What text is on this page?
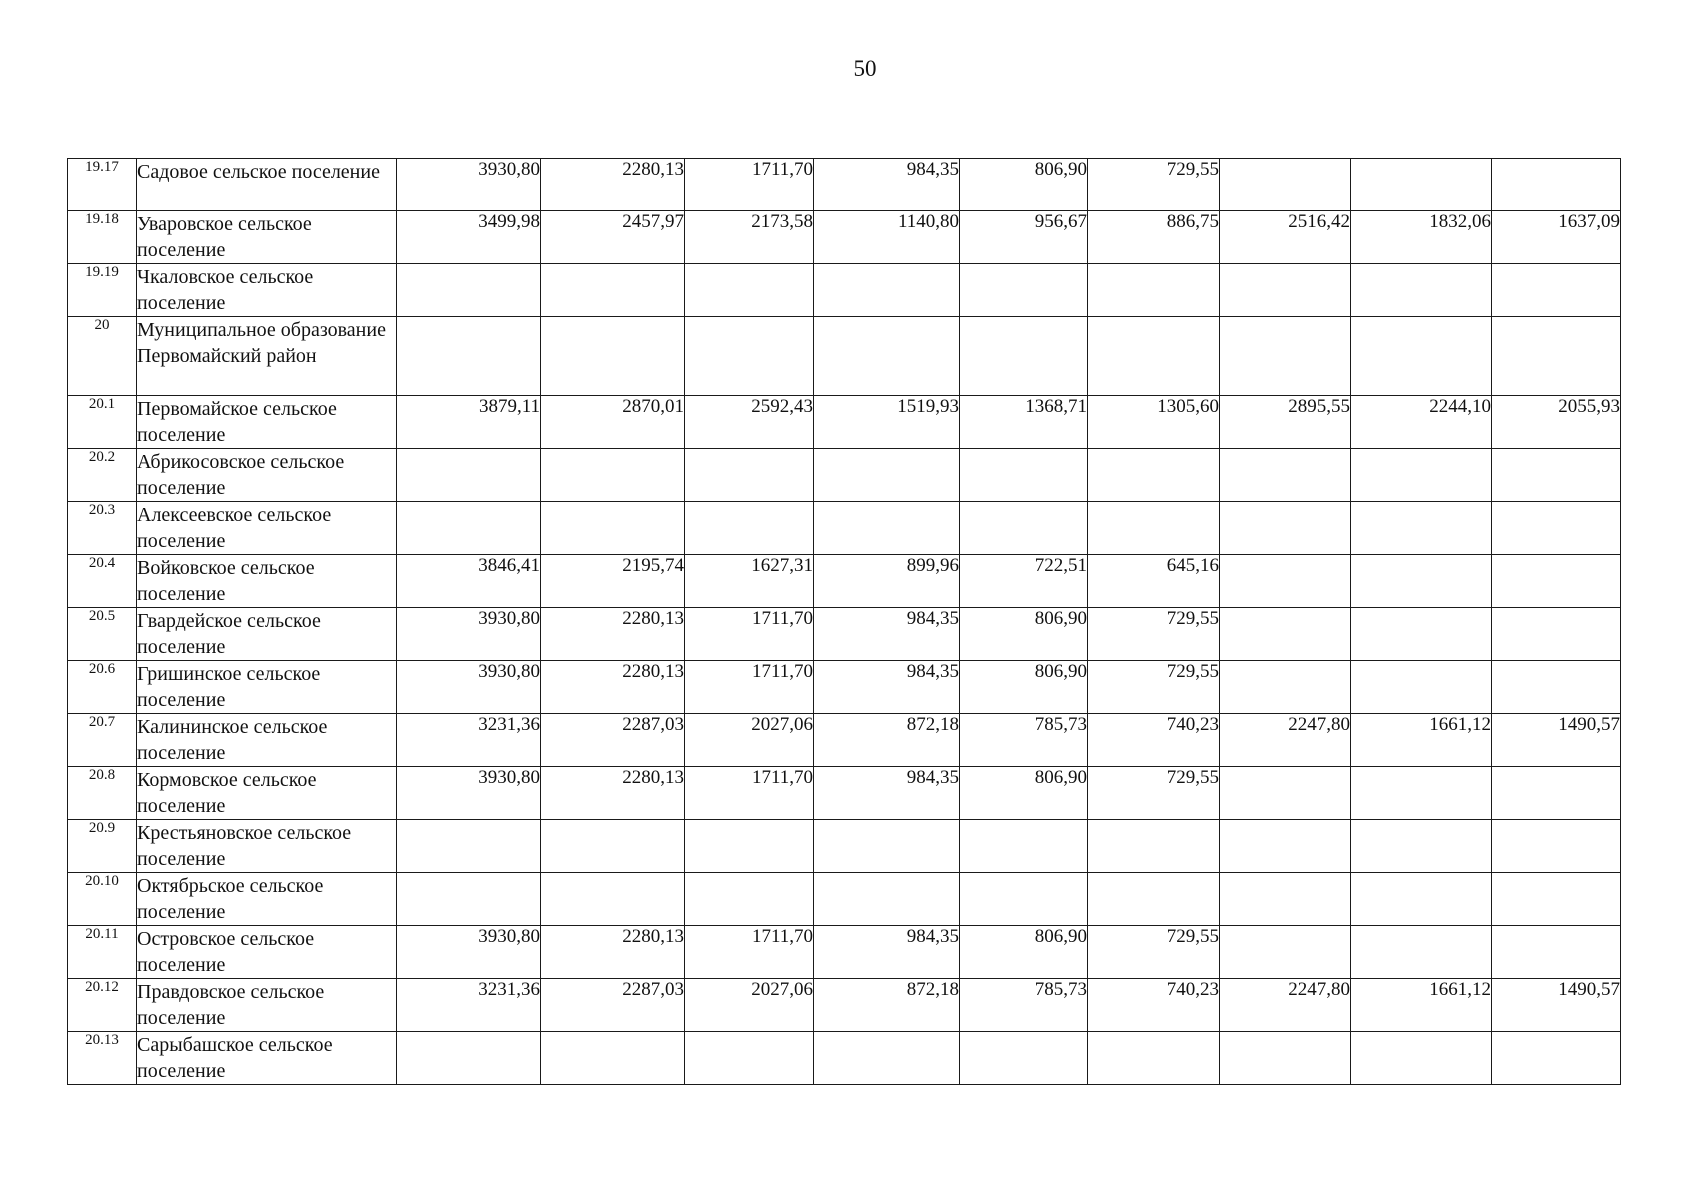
50
19.17	Садовое сельское поселение	3930,80	2280,13	1711,70	984,35	806,90	729,55			
19.18	Уваровское сельское поселение	3499,98	2457,97	2173,58	1140,80	956,67	886,75	2516,42	1832,06	1637,09
19.19	Чкаловское сельское поселение									
20	Муниципальное образование Первомайский район									
20.1	Первомайское сельское поселение	3879,11	2870,01	2592,43	1519,93	1368,71	1305,60	2895,55	2244,10	2055,93
20.2	Абрикосовское сельское поселение									
20.3	Алексеевское сельское поселение									
20.4	Войковское сельское поселение	3846,41	2195,74	1627,31	899,96	722,51	645,16			
20.5	Гвардейское сельское поселение	3930,80	2280,13	1711,70	984,35	806,90	729,55			
20.6	Гришинское сельское поселение	3930,80	2280,13	1711,70	984,35	806,90	729,55			
20.7	Калининское сельское поселение	3231,36	2287,03	2027,06	872,18	785,73	740,23	2247,80	1661,12	1490,57
20.8	Кормовское сельское поселение	3930,80	2280,13	1711,70	984,35	806,90	729,55			
20.9	Крестьяновское сельское поселение									
20.10	Октябрьское сельское поселение									
20.11	Островское сельское поселение	3930,80	2280,13	1711,70	984,35	806,90	729,55			
20.12	Правдовское сельское поселение	3231,36	2287,03	2027,06	872,18	785,73	740,23	2247,80	1661,12	1490,57
20.13	Сарыбашское сельское поселение									
